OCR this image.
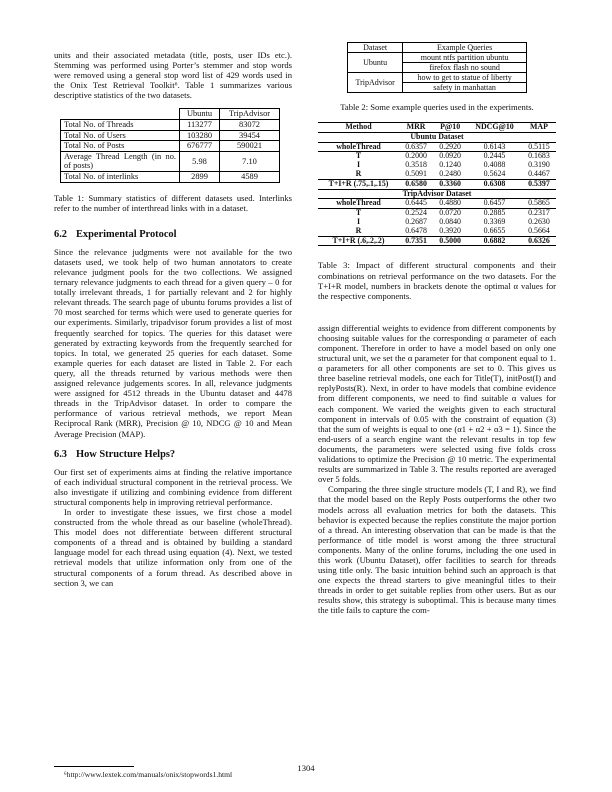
units and their associated metadata (title, posts, user IDs etc.). Stemming was performed using Porter’s stemmer and stop words were removed using a general stop word list of 429 words used in the Onix Test Retrieval Toolkit⁶. Table 1 summarizes various descriptive statistics of the two datasets.

	Ubuntu	TripAdvisor
Total No. of Threads	113277	83072
Total No. of Users	103280	39454
Total No. of Posts	676777	590021
Average Thread Length (in no. of posts)	5.98	7.10
Total No. of interlinks	2899	4589

Table 1: Summary statistics of different datasets used. Interlinks refer to the number of interthread links with in a dataset.

6.2 Experimental Protocol

Since the relevance judgments were not available for the two datasets used, we took help of two human annotators to create relevance judgment pools for the two collections. We assigned ternary relevance judgments to each thread for a given query – 0 for totally irrelevant threads, 1 for partially relevant and 2 for highly relevant threads. The search page of ubuntu forums provides a list of 70 most searched for terms which were used to generate queries for our experiments. Similarly, tripadvisor forum provides a list of most frequently searched for topics. The queries for this dataset were generated by extracting keywords from the frequently searched for topics. In total, we generated 25 queries for each dataset. Some example queries for each dataset are listed in Table 2. For each query, all the threads returned by various methods were then assigned relevance judgements scores. In all, relevance judgments were assigned for 4512 threads in the Ubuntu dataset and 4478 threads in the TripAdvisor dataset. In order to compare the performance of various retrieval methods, we report Mean Reciprocal Rank (MRR), Precision @ 10, NDCG @ 10 and Mean Average Precision (MAP).

6.3 How Structure Helps?

Our first set of experiments aims at finding the relative importance of each individual structural component in the retrieval process. We also investigate if utilizing and combining evidence from different structural components help in improving retrieval performance.

In order to investigate these issues, we first chose a model constructed from the whole thread as our baseline (wholeThread). This model does not differentiate between different structural components of a thread and is obtained by building a standard language model for each thread using equation (4). Next, we tested retrieval models that utilize information only from one of the structural components of a forum thread. As described above in section 3, we can

⁶http://www.lextek.com/manuals/onix/stopwords1.html
Dataset	Example Queries
Ubuntu	mount ntfs partition ubuntu
	firefox flash no sound
TripAdvisor	how to get to statue of liberty
	safety in manhattan

Table 2: Some example queries used in the experiments.

Method	MRR	P@10	NDCG@10	MAP
Ubuntu Dataset				
wholeThread	0.6357	0.2920	0.6143	0.5115
T	0.2000	0.0920	0.2445	0.1683
I	0.3518	0.1240	0.4088	0.3190
R	0.5091	0.2480	0.5624	0.4467
T+I+R (.75,.1,.15)	0.6580	0.3360	0.6308	0.5397
TripAdvisor Dataset				
wholeThread	0.6445	0.4880	0.6457	0.5865
T	0.2524	0.0720	0.2885	0.2317
I	0.2687	0.0840	0.3369	0.2630
R	0.6478	0.3920	0.6655	0.5664
T+I+R (.6,.2,.2)	0.7351	0.5000	0.6882	0.6326

Table 3: Impact of different structural components and their combinations on retrieval performance on the two datasets. For the T+I+R model, numbers in brackets denote the optimal α values for the respective components.

assign differential weights to evidence from different components by choosing suitable values for the corresponding α parameter of each component. Therefore in order to have a model based on only one structural unit, we set the α parameter for that component equal to 1. α parameters for all other components are set to 0. This gives us three baseline retrieval models, one each for Title(T), initPost(I) and replyPosts(R). Next, in order to have models that combine evidence from different components, we need to find suitable α values for each component. We varied the weights given to each structural component in intervals of 0.05 with the constraint of equation (3) that the sum of weights is equal to one (α1 + α2 + α3 = 1). Since the end-users of a search engine want the relevant results in top few documents, the parameters were selected using five folds cross validations to optimize the Precision @ 10 metric. The experimental results are summarized in Table 3. The results reported are averaged over 5 folds.

Comparing the three single structure models (T, I and R), we find that the model based on the Reply Posts outperforms the other two models across all evaluation metrics for both the datasets. This behavior is expected because the replies constitute the major portion of a thread. An interesting observation that can be made is that the performance of title model is worst among the three structural components. Many of the online forums, including the one used in this work (Ubuntu Dataset), offer facilities to search for threads using title only. The basic intuition behind such an approach is that one expects the thread starters to give meaningful titles to their threads in order to get suitable replies from other users. But as our results show, this strategy is suboptimal. This is because many times the title fails to capture the com-

1304
